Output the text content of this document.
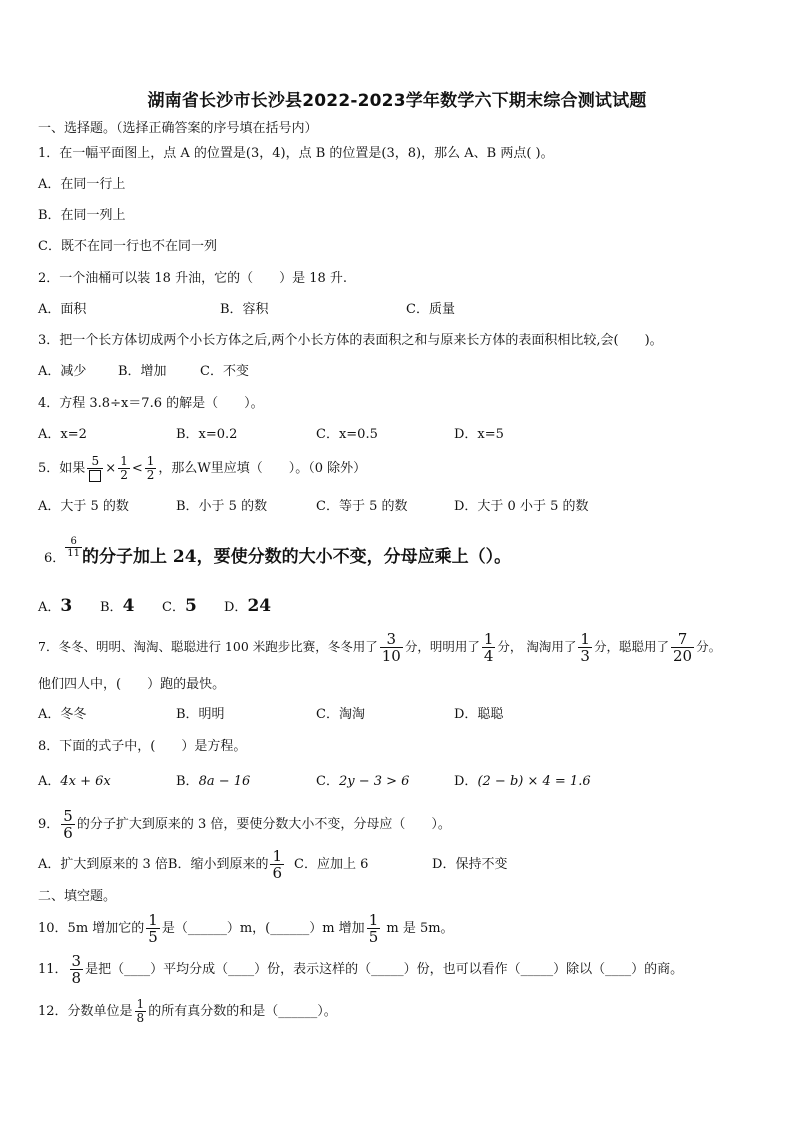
湖南省长沙市长沙县2022-2023学年数学六下期末综合测试试题
一、选择题。（选择正确答案的序号填在括号内）
1．在一幅平面图上，点 A 的位置是(3，4)，点 B 的位置是(3，8)，那么 A、B 两点( )。
A．在同一行上
B．在同一列上
C．既不在同一行也不在同一列
2．一个油桶可以装 18 升油，它的（　　）是 18 升.
A．面积	B．容积	C．质量
3．把一个长方体切成两个小长方体之后,两个小长方体的表面积之和与原来长方体的表面积相比较,会(　　)。
A．减少 B．增加	C．不变
4．方程 3.8÷x＝7.6 的解是（　　）。
A．x=2	B．x=0.2	C．x=0.5	D．x=5
5．如果 $5 \times \frac{1}{2} < \frac{1}{2}$ ，那么W里应填（　　）。（0 除外）
A．大于 5 的数	B．小于 5 的数	C．等于 5 的数	D．大于 0 小于 5 的数
6． $\frac{6}{11}$ 的分子加上 24，要使分数的大小不变，分母应乘上（）。
A．3 B．4 C．5 D．24
7．冬冬、明明、淘淘、聪聪进行 100 米跑步比赛，冬冬用了 $\frac{3}{10}$ 分，明明用了 $\frac{1}{4}$ 分， 淘淘用了 $\frac{1}{3}$ 分，聪聪用了 $\frac{7}{20}$ 分。
他们四人中，(　　）跑的最快。
A．冬冬	B．明明	C．淘淘	D．聪聪
8．下面的式子中，(　　）是方程。
A．4x + 6x	B．8a − 16	C．2y − 3 > 6	D．(2 − b) × 4 = 1.6
9． $\frac{5}{6}$ 的分子扩大到原来的 3 倍，要使分数大小不变，分母应（　　）。
A．扩大到原来的 3 倍B．缩小到原来的 $\frac{1}{6}$ C．应加上 6	D．保持不变
二、填空题。
10．5m 增加它的 $\frac{1}{5}$ 是（______）m，(______）m 增加 $\frac{1}{5}$ m 是 5m。
11． $\frac{3}{8}$ 是把（____）平均分成（____）份，表示这样的（_____）份，也可以看作（_____）除以（____）的商。
12．分数单位是 $\frac{1}{8}$ 的所有真分数的和是（______）。
